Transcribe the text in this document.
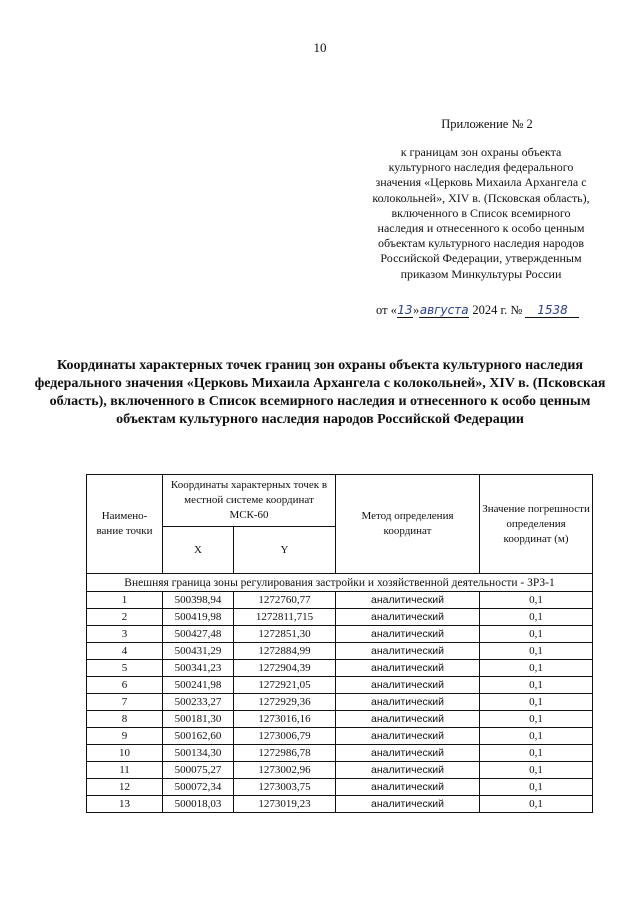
10
Приложение № 2
к границам зон охраны объекта культурного наследия федерального значения «Церковь Михаила Архангела с колокольней», XIV в. (Псковская область), включенного в Список всемирного наследия и отнесенного к особо ценным объектам культурного наследия народов Российской Федерации, утвержденным приказом Минкультуры России
от «13»августа 2024 г. № 1538
Координаты характерных точек границ зон охраны объекта культурного наследия федерального значения «Церковь Михаила Архангела с колокольней», XIV в. (Псковская область), включенного в Список всемирного наследия и отнесенного к особо ценным объектам культурного наследия народов Российской Федерации
Наимено- вание точки	Координаты характерных точек в местной системе координат МСК-60		Метод определения координат	Значение погрешности определения координат (м)
	X	Y		
Внешняя граница зоны регулирования застройки и хозяйственной деятельности - ЗРЗ-1				
1	500398,94	1272760,77	аналитический	0,1
2	500419,98	1272811,715	аналитический	0,1
3	500427,48	1272851,30	аналитический	0,1
4	500431,29	1272884,99	аналитический	0,1
5	500341,23	1272904,39	аналитический	0,1
6	500241,98	1272921,05	аналитический	0,1
7	500233,27	1272929,36	аналитический	0,1
8	500181,30	1273016,16	аналитический	0,1
9	500162,60	1273006,79	аналитический	0,1
10	500134,30	1272986,78	аналитический	0,1
11	500075,27	1273002,96	аналитический	0,1
12	500072,34	1273003,75	аналитический	0,1
13	500018,03	1273019,23	аналитический	0,1
